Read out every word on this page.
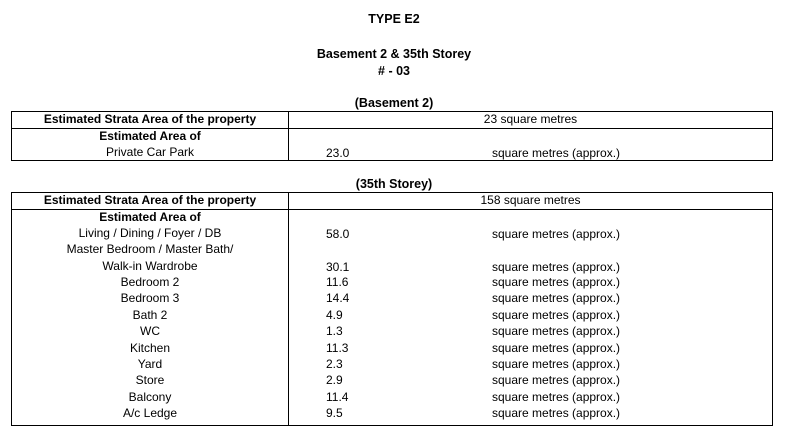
TYPE E2
Basement 2 & 35th Storey
# - 03
(Basement 2)
Estimated Strata Area of the property	23 square metres
Estimated Area of
Private Car Park	23.0	square metres (approx.)
(35th Storey)
Estimated Strata Area of the property	158 square metres
Estimated Area of
Living / Dining / Foyer / DB	58.0	square metres (approx.)
Master Bedroom / Master Bath/
Walk-in Wardrobe	30.1	square metres (approx.)
Bedroom 2	11.6	square metres (approx.)
Bedroom 3	14.4	square metres (approx.)
Bath 2	4.9	square metres (approx.)
WC	1.3	square metres (approx.)
Kitchen	11.3	square metres (approx.)
Yard	2.3	square metres (approx.)
Store	2.9	square metres (approx.)
Balcony	11.4	square metres (approx.)
A/c Ledge	9.5	square metres (approx.)
